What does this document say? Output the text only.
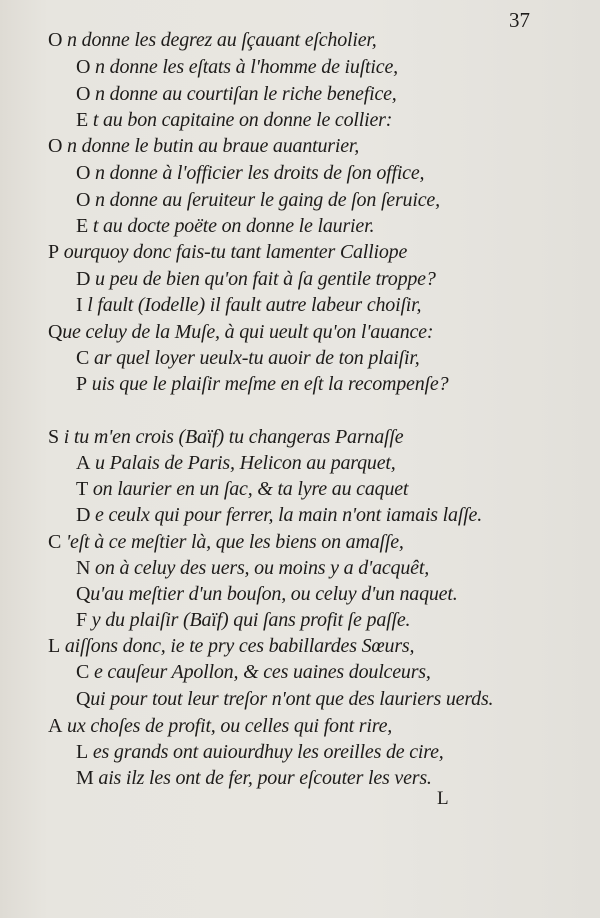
37
O n donne les degrez au ſçauant eſcholier,
O n donne les eſtats à l'homme de iuſtice,
O n donne au courtiſan le riche benefice,
E t au bon capitaine on donne le collier:
O n donne le butin au braue auanturier,
O n donne à l'officier les droits de ſon office,
O n donne au ſeruiteur le gaing de ſon ſeruice,
E t au docte poëte on donne le laurier.
P ourquoy donc fais-tu tant lamenter Calliope
D u peu de bien qu'on fait à ſa gentile troppe?
I l fault (Iodelle) il fault autre labeur choiſir,
Que celuy de la Muſe, à qui ueult qu'on l'auance:
C ar quel loyer ueulx-tu auoir de ton plaiſir,
P uis que le plaiſir meſme en eſt la recompenſe?
S i tu m'en crois (Baïf) tu changeras Parnaſſe
A u Palais de Paris, Helicon au parquet,
T on laurier en un ſac, & ta lyre au caquet
D e ceulx qui pour ferrer, la main n'ont iamais laſſe.
C 'eſt à ce meſtier là, que les biens on amaſſe,
N on à celuy des uers, ou moins y a d'acquêt,
Qu'au meſtier d'un bouſon, ou celuy d'un naquet.
F y du plaiſir (Baïf) qui ſans profit ſe paſſe.
L aiſſons donc, ie te pry ces babillardes Sœurs,
C e cauſeur Apollon, & ces uaines doulceurs,
Qui pour tout leur treſor n'ont que des lauriers uerds.
A ux choſes de profit, ou celles qui font rire,
L es grands ont auiourdhuy les oreilles de cire,
M ais ilz les ont de fer, pour eſcouter les vers.
L
